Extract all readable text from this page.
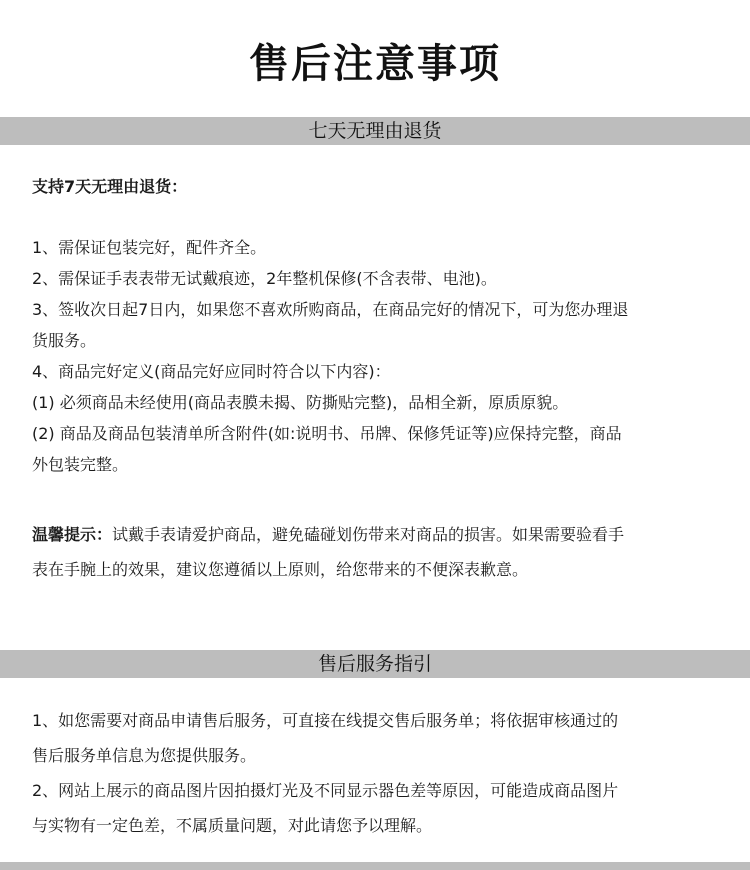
售后注意事项
七天无理由退货
支持7天无理由退货：
1、需保证包装完好，配件齐全。
2、需保证手表表带无试戴痕迹，2年整机保修(不含表带、电池)。
3、签收次日起7日内，如果您不喜欢所购商品，在商品完好的情况下，可为您办理退
货服务。
4、商品完好定义(商品完好应同时符合以下内容)：
(1) 必须商品未经使用(商品表膜未揭、防撕贴完整)，品相全新，原质原貌。
(2) 商品及商品包装清单所含附件(如:说明书、吊牌、保修凭证等)应保持完整，商品
外包装完整。
温馨提示：试戴手表请爱护商品，避免磕碰划伤带来对商品的损害。如果需要验看手
表在手腕上的效果，建议您遵循以上原则，给您带来的不便深表歉意。
售后服务指引
1、如您需要对商品申请售后服务，可直接在线提交售后服务单；将依据审核通过的
售后服务单信息为您提供服务。
2、网站上展示的商品图片因拍摄灯光及不同显示器色差等原因，可能造成商品图片
与实物有一定色差，不属质量问题，对此请您予以理解。
